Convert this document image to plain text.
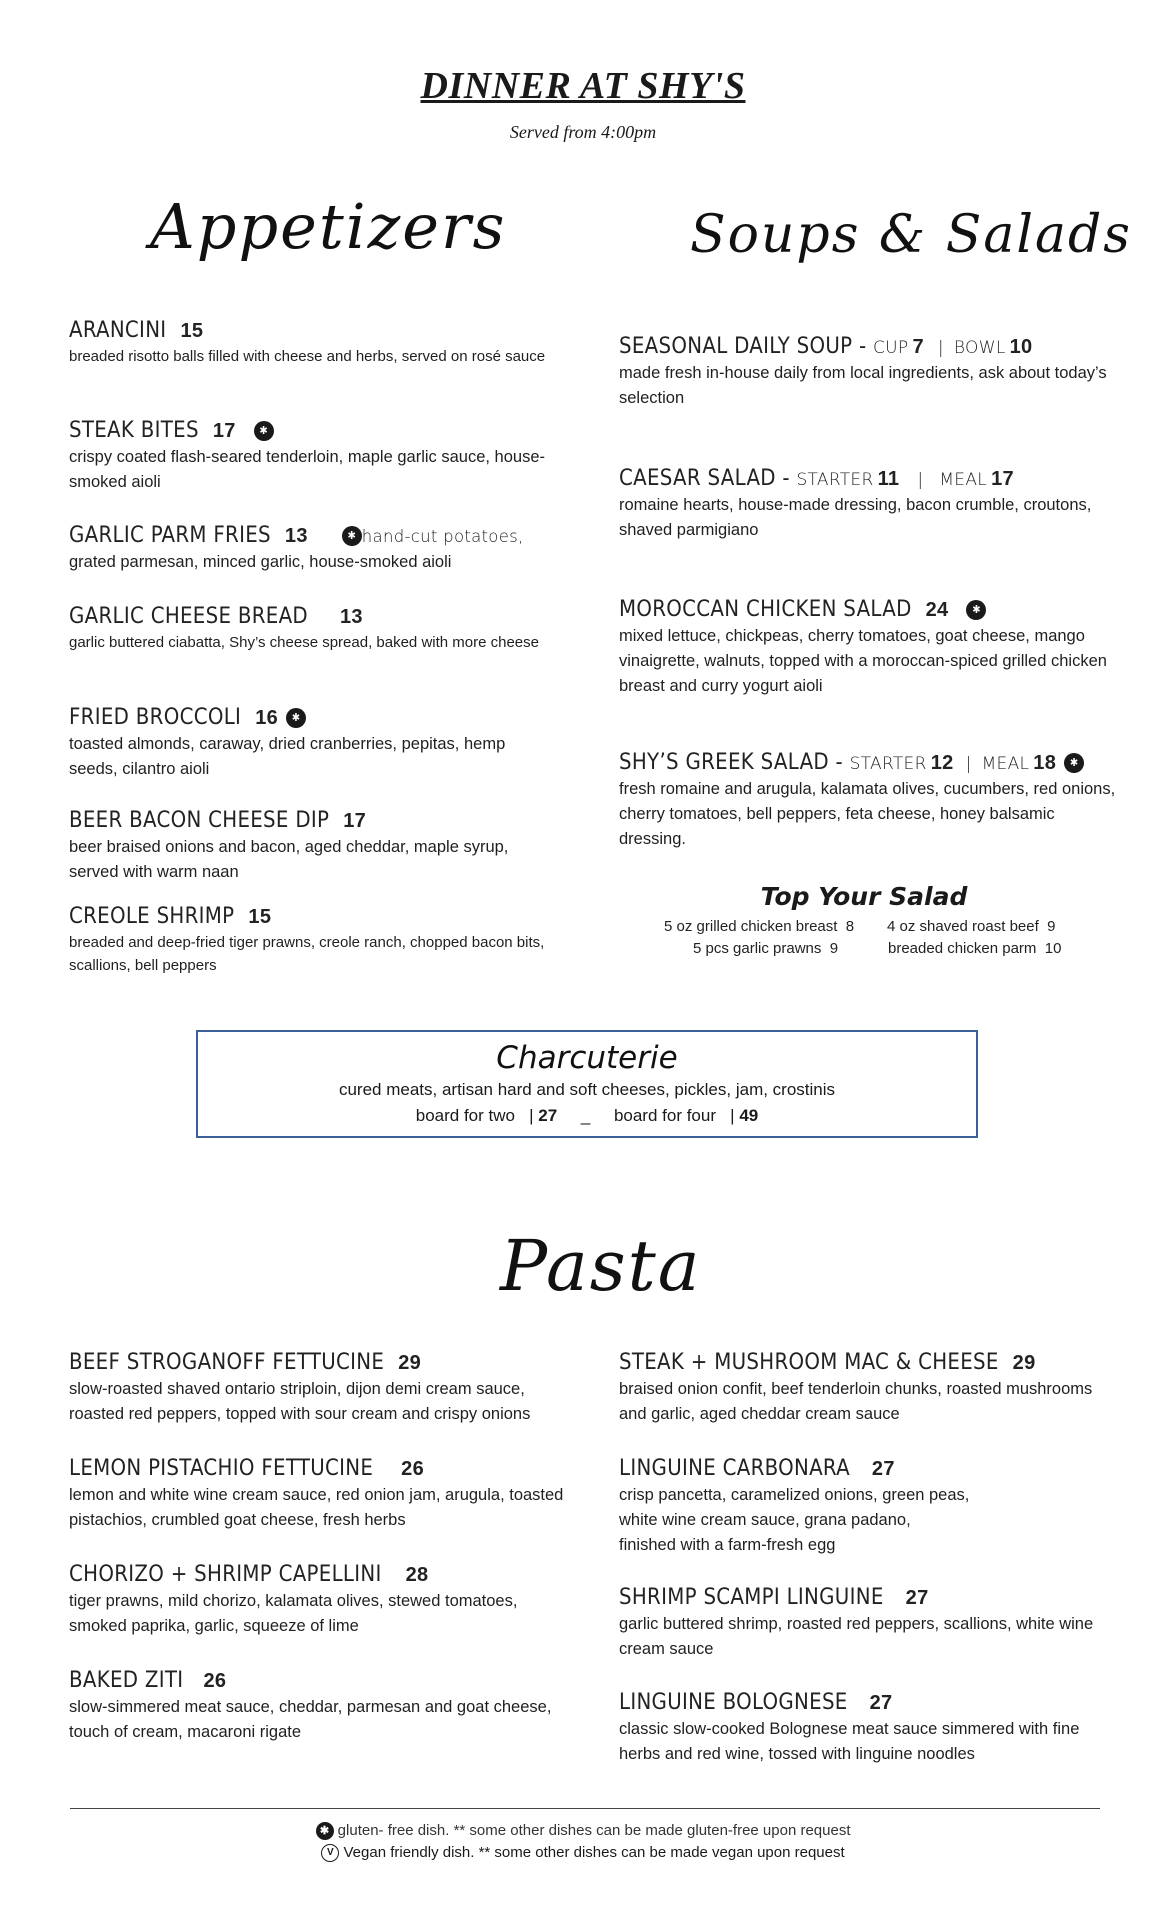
DINNER AT SHY'S
Served from 4:00pm
Appetizers	Soups & Salads
ARANCINI 15
breaded risotto balls filled with cheese and herbs, served on rosé sauce
STEAK BITES 17 ✱
crispy coated flash-seared tenderloin, maple garlic sauce, house-smoked aioli
GARLIC PARM FRIES 13	✱ hand-cut potatoes,
grated parmesan, minced garlic, house-smoked aioli
GARLIC CHEESE BREAD 13
garlic buttered ciabatta, Shy’s cheese spread, baked with more cheese
FRIED BROCCOLI 16 ✱
toasted almonds, caraway, dried cranberries, pepitas, hemp seeds, cilantro aioli
BEER BACON CHEESE DIP 17
beer braised onions and bacon, aged cheddar, maple syrup, served with warm naan
CREOLE SHRIMP 15
breaded and deep-fried tiger prawns, creole ranch, chopped bacon bits, scallions, bell peppers
SEASONAL DAILY SOUP - CUP 7 | BOWL 10
made fresh in-house daily from local ingredients, ask about today’s selection
CAESAR SALAD - STARTER 11 | MEAL 17
romaine hearts, house-made dressing, bacon crumble, croutons, shaved parmigiano
MOROCCAN CHICKEN SALAD 24 ✱
mixed lettuce, chickpeas, cherry tomatoes, goat cheese, mango vinaigrette, walnuts, topped with a moroccan-spiced grilled chicken breast and curry yogurt aioli
SHY’S GREEK SALAD - STARTER 12 | MEAL 18 ✱
fresh romaine and arugula, kalamata olives, cucumbers, red onions, cherry tomatoes, bell peppers, feta cheese, honey balsamic dressing.
Top Your Salad
5 oz grilled chicken breast 8 4 oz shaved roast beef 9
5 pcs garlic prawns 9	breaded chicken parm 10
Charcuterie
cured meats, artisan hard and soft cheeses, pickles, jam, crostinis
board for two   | 27 _ board for four   | 49
Pasta
BEEF STROGANOFF FETTUCINE 29
slow-roasted shaved ontario striploin, dijon demi cream sauce, roasted red peppers, topped with sour cream and crispy onions
LEMON PISTACHIO FETTUCINE 26
lemon and white wine cream sauce, red onion jam, arugula, toasted pistachios, crumbled goat cheese, fresh herbs
CHORIZO + SHRIMP CAPELLINI 28
tiger prawns, mild chorizo, kalamata olives, stewed tomatoes, smoked paprika, garlic, squeeze of lime
BAKED ZITI 26
slow-simmered meat sauce, cheddar, parmesan and goat cheese, touch of cream, macaroni rigate
STEAK + MUSHROOM MAC & CHEESE 29
braised onion confit, beef tenderloin chunks, roasted mushrooms and garlic, aged cheddar cream sauce
LINGUINE CARBONARA 27
crisp pancetta, caramelized onions, green peas,
white wine cream sauce, grana padano,
finished with a farm-fresh egg
SHRIMP SCAMPI LINGUINE 27
garlic buttered shrimp, roasted red peppers, scallions, white wine cream sauce
LINGUINE BOLOGNESE 27
classic slow-cooked Bolognese meat sauce simmered with fine herbs and red wine, tossed with linguine noodles
✱ gluten- free dish. ** some other dishes can be made gluten-free upon request
V Vegan friendly dish. ** some other dishes can be made vegan upon request
